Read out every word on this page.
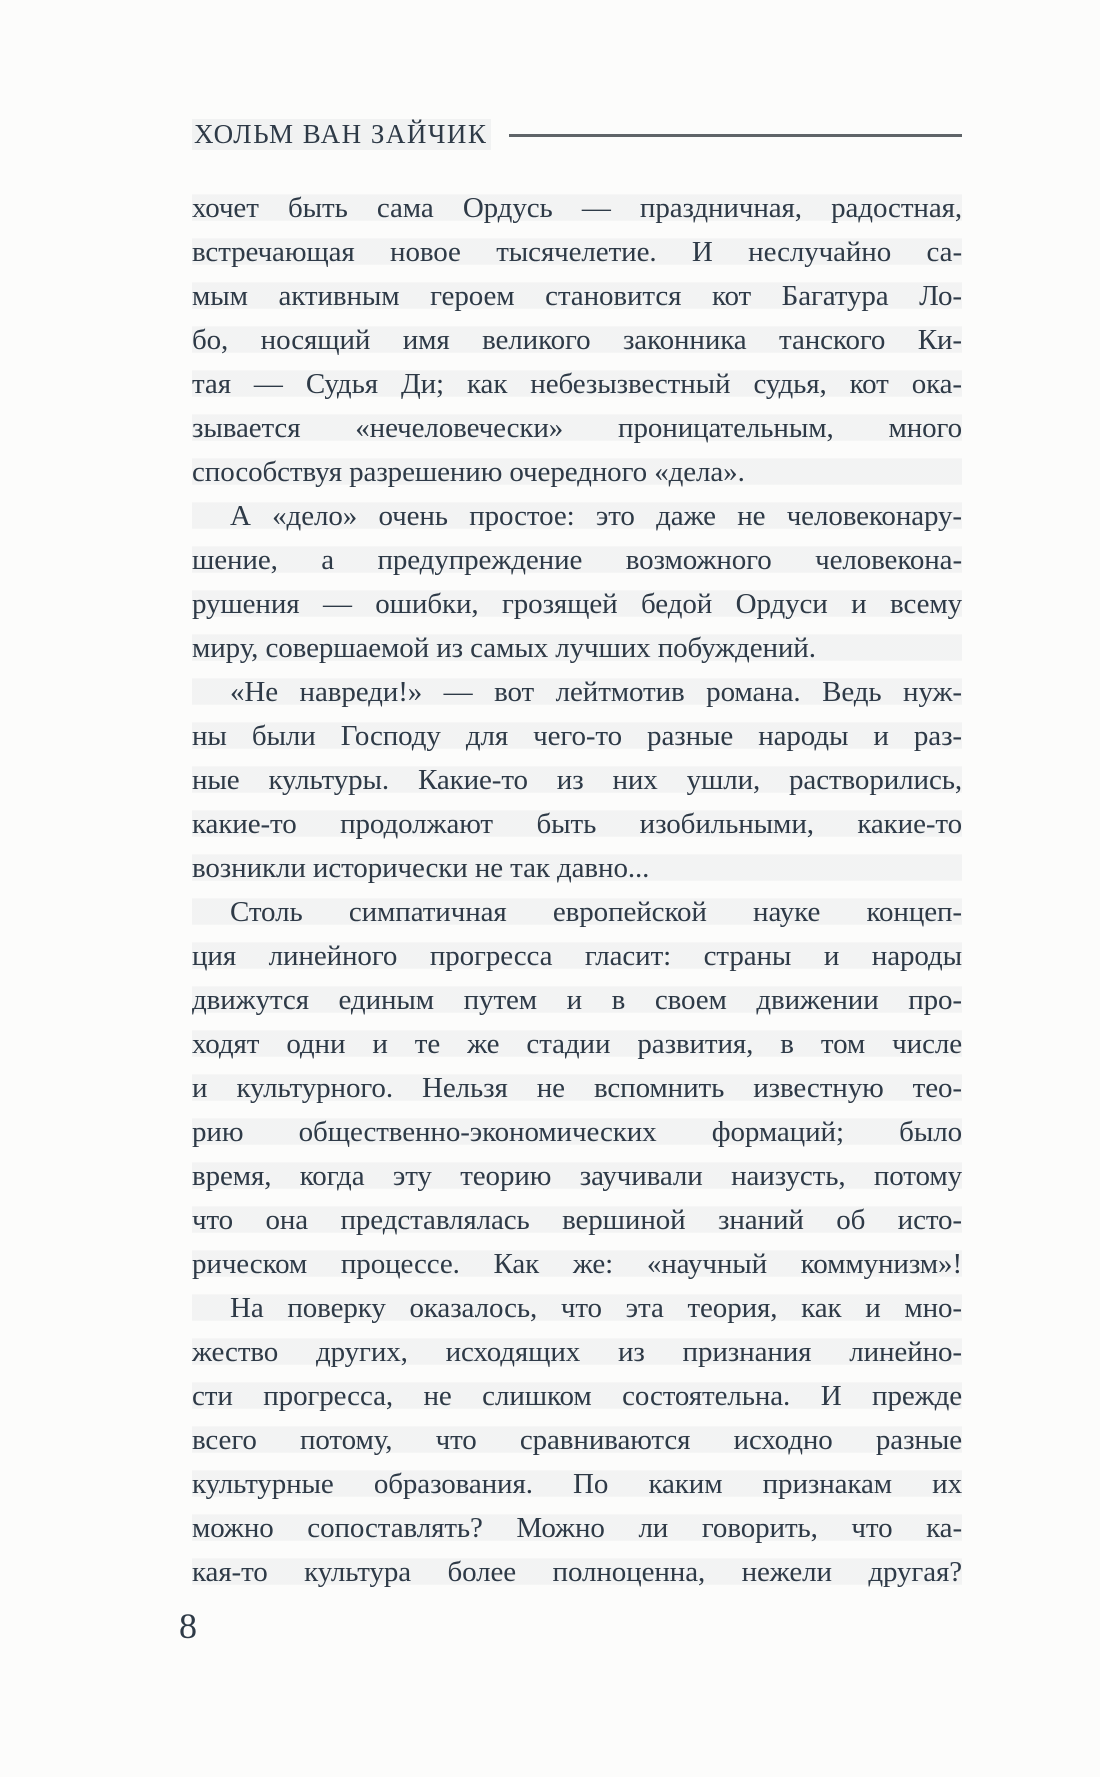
ХОЛЬМ ВАН ЗАЙЧИК
хочет быть сама Ордусь — праздничная, радостная,
встречающая новое тысячелетие. И неслучайно са-
мым активным героем становится кот Багатура Ло-
бо, носящий имя великого законника танского Ки-
тая — Судья Ди; как небезызвестный судья, кот ока-
зывается «нечеловечески» проницательным, много
способствуя разрешению очередного «дела».
А «дело» очень простое: это даже не человеконару-
шение, а предупреждение возможного человекона-
рушения — ошибки, грозящей бедой Ордуси и всему
миру, совершаемой из самых лучших побуждений.
«Не навреди!» — вот лейтмотив романа. Ведь нуж-
ны были Господу для чего-то разные народы и раз-
ные культуры. Какие-то из них ушли, растворились,
какие-то продолжают быть изобильными, какие-то
возникли исторически не так давно...
Столь симпатичная европейской науке концеп-
ция линейного прогресса гласит: страны и народы
движутся единым путем и в своем движении про-
ходят одни и те же стадии развития, в том числе
и культурного. Нельзя не вспомнить известную тео-
рию общественно-экономических формаций; было
время, когда эту теорию заучивали наизусть, потому
что она представлялась вершиной знаний об исто-
рическом процессе. Как же: «научный коммунизм»!
На поверку оказалось, что эта теория, как и мно-
жество других, исходящих из признания линейно-
сти прогресса, не слишком состоятельна. И прежде
всего потому, что сравниваются исходно разные
культурные образования. По каким признакам их
можно сопоставлять? Можно ли говорить, что ка-
кая-то культура более полноценна, нежели другая?
8
